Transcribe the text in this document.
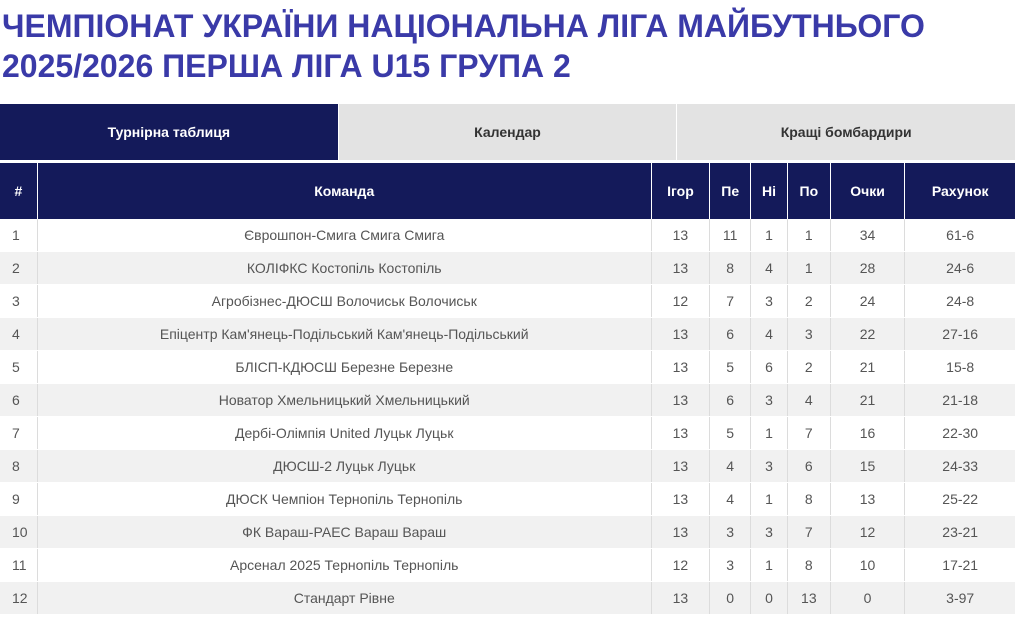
ЧЕМПІОНАТ УКРАЇНИ НАЦІОНАЛЬНА ЛІГА МАЙБУТНЬОГО
2025/2026 ПЕРША ЛІГА U15 ГРУПА 2
Турнірна таблиця	Календар	Кращі бомбардири
#	Команда	Ігор	Пе	Ні	По	Очки	Рахунок
1	Єврошпон-Смига Смига Смига	13	11	1	1	34	61-6
2	КОЛІФКС Костопіль Костопіль	13	8	4	1	28	24-6
3	Агробізнес-ДЮСШ Волочиськ Волочиськ	12	7	3	2	24	24-8
4	Епіцентр Кам'янець-Подільський Кам'янець-Подільський	13	6	4	3	22	27-16
5	БЛІСП-КДЮСШ Березне Березне	13	5	6	2	21	15-8
6	Новатор Хмельницький Хмельницький	13	6	3	4	21	21-18
7	Дербі-Олімпія United Луцьк Луцьк	13	5	1	7	16	22-30
8	ДЮСШ-2 Луцьк Луцьк	13	4	3	6	15	24-33
9	ДЮСК Чемпіон Тернопіль Тернопіль	13	4	1	8	13	25-22
10	ФК Вараш-РАЕС Вараш Вараш	13	3	3	7	12	23-21
11	Арсенал 2025 Тернопіль Тернопіль	12	3	1	8	10	17-21
12	Стандарт Рівне	13	0	0	13	0	3-97
